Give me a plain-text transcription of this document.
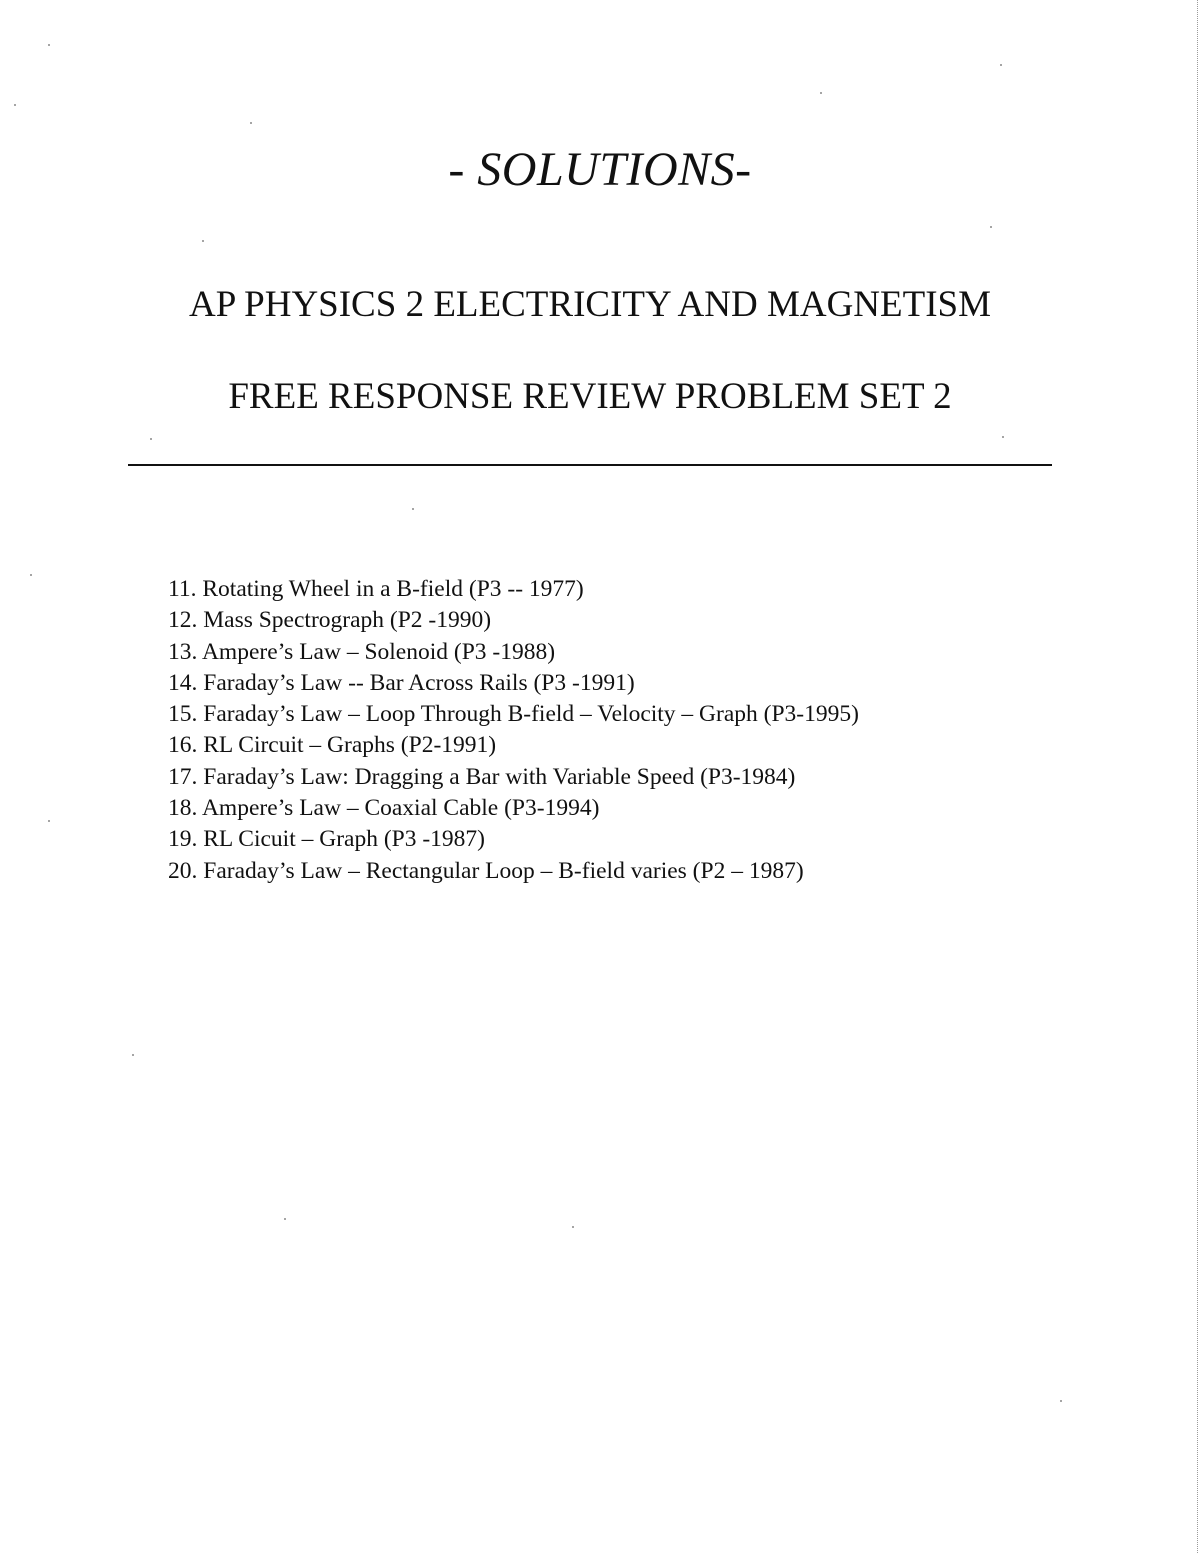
- SOLUTIONS-
AP PHYSICS 2 ELECTRICITY AND MAGNETISM
FREE RESPONSE REVIEW PROBLEM SET 2
11. Rotating Wheel in a B-field (P3 -- 1977)
12. Mass Spectrograph (P2 -1990)
13. Ampere’s Law – Solenoid (P3 -1988)
14. Faraday’s Law -- Bar Across Rails (P3 -1991)
15. Faraday’s Law – Loop Through B-field – Velocity – Graph (P3-1995)
16. RL Circuit – Graphs (P2-1991)
17. Faraday’s Law: Dragging a Bar with Variable Speed (P3-1984)
18. Ampere’s Law – Coaxial Cable (P3-1994)
19. RL Cicuit – Graph (P3 -1987)
20. Faraday’s Law – Rectangular Loop – B-field varies (P2 – 1987)
